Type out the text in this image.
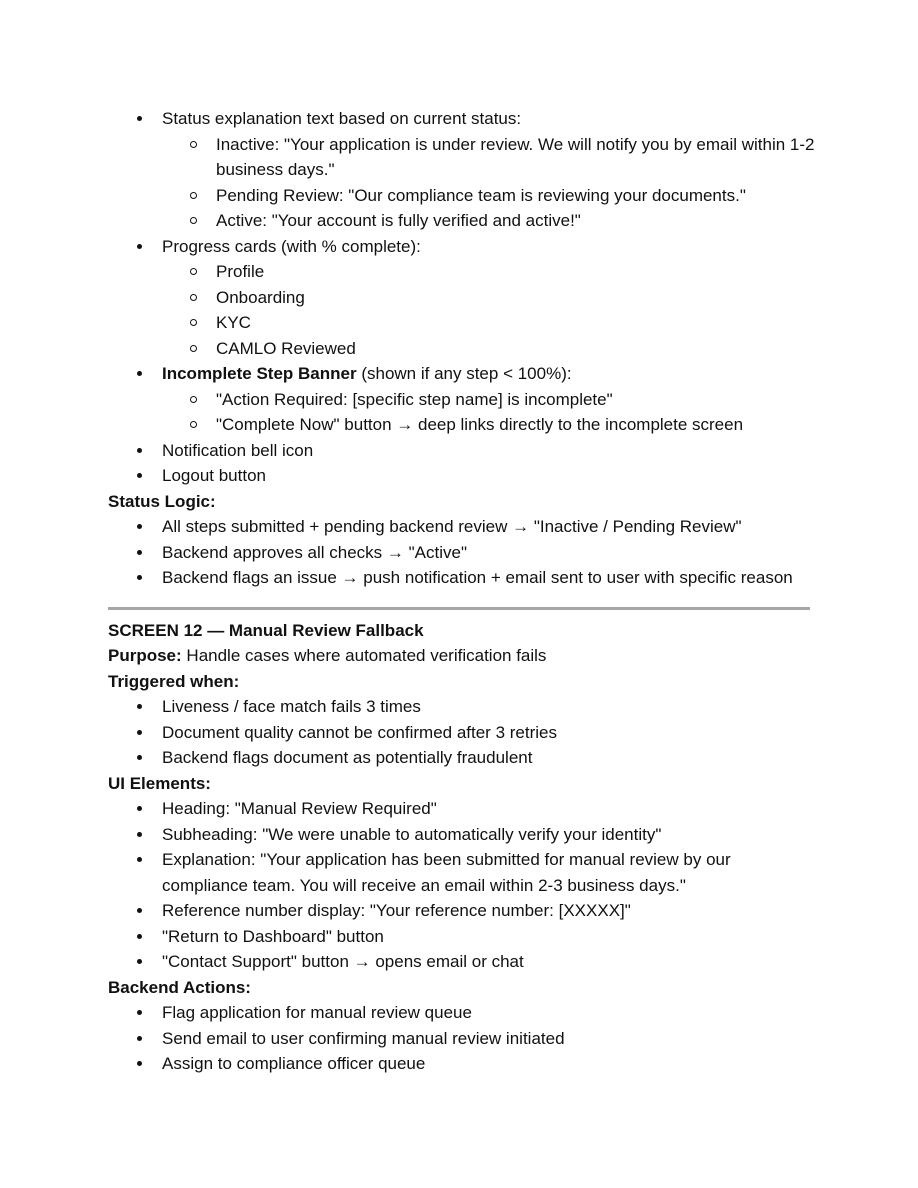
Status explanation text based on current status:

Inactive: "Your application is under review. We will notify you by email within 1-2 business days."

Pending Review: "Our compliance team is reviewing your documents."

Active: "Your account is fully verified and active!"

Progress cards (with % complete):

Profile

Onboarding

KYC

CAMLO Reviewed

Incomplete Step Banner (shown if any step < 100%):

"Action Required: [specific step name] is incomplete"

"Complete Now" button → deep links directly to the incomplete screen

Notification bell icon

Logout button

Status Logic:

All steps submitted + pending backend review → "Inactive / Pending Review"

Backend approves all checks → "Active"

Backend flags an issue → push notification + email sent to user with specific reason

SCREEN 12 — Manual Review Fallback

Purpose: Handle cases where automated verification fails

Triggered when:

Liveness / face match fails 3 times

Document quality cannot be confirmed after 3 retries

Backend flags document as potentially fraudulent

UI Elements:

Heading: "Manual Review Required"

Subheading: "We were unable to automatically verify your identity"

Explanation: "Your application has been submitted for manual review by our compliance team. You will receive an email within 2-3 business days."

Reference number display: "Your reference number: [XXXXX]"

"Return to Dashboard" button

"Contact Support" button → opens email or chat

Backend Actions:

Flag application for manual review queue

Send email to user confirming manual review initiated

Assign to compliance officer queue
